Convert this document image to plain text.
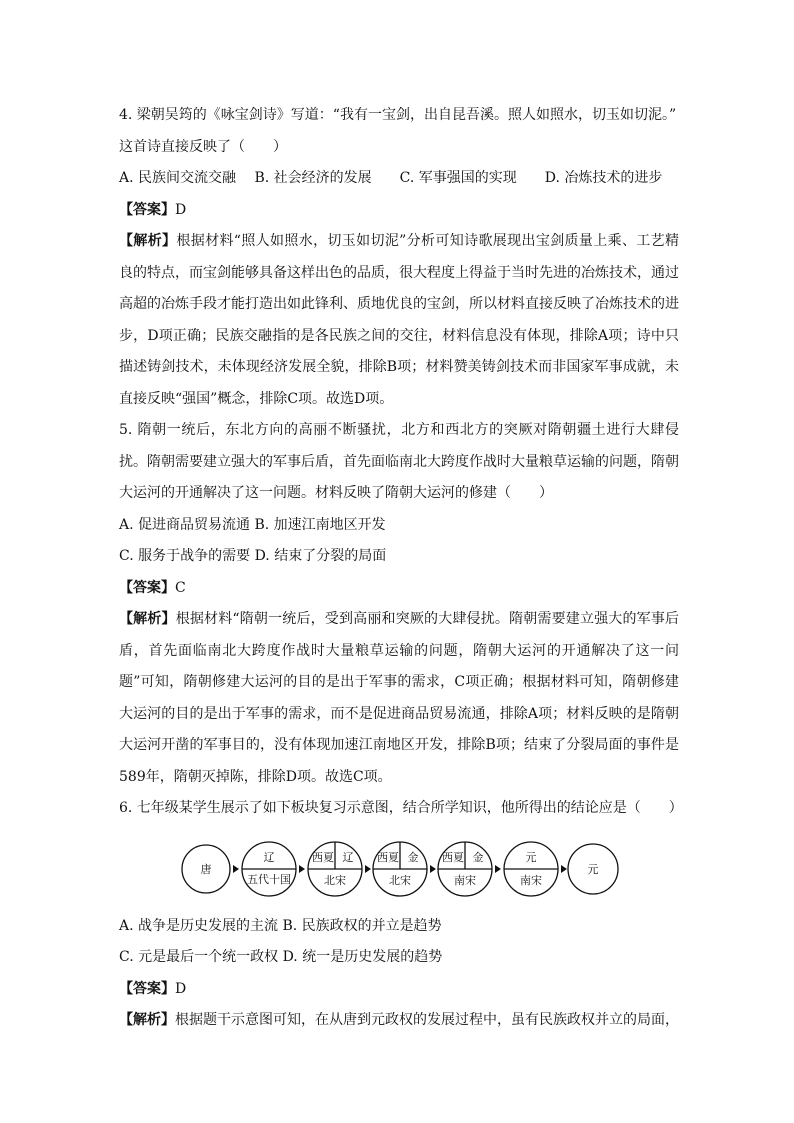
4. 梁朝吴筠的《咏宝剑诗》写道：“我有一宝剑，出自昆吾溪。照人如照水，切玉如切泥。”

这首诗直接反映了（　　）

A. 民族间交流交融　 B. 社会经济的发展　　C. 军事强国的实现　　D. 冶炼技术的进步

【答案】D

【解析】根据材料“照人如照水，切玉如切泥”分析可知诗歌展现出宝剑质量上乘、工艺精良的特点，而宝剑能够具备这样出色的品质，很大程度上得益于当时先进的冶炼技术，通过高超的冶炼手段才能打造出如此锋利、质地优良的宝剑，所以材料直接反映了冶炼技术的进步，D项正确；民族交融指的是各民族之间的交往，材料信息没有体现，排除A项；诗中只描述铸剑技术，未体现经济发展全貌，排除B项；材料赞美铸剑技术而非国家军事成就，未直接反映“强国”概念，排除C项。故选D项。

5. 隋朝一统后，东北方向的高丽不断骚扰，北方和西北方的突厥对隋朝疆土进行大肆侵扰。隋朝需要建立强大的军事后盾，首先面临南北大跨度作战时大量粮草运输的问题，隋朝大运河的开通解决了这一问题。材料反映了隋朝大运河的修建（　　）

A. 促进商品贸易流通 B. 加速江南地区开发

C. 服务于战争的需要 D. 结束了分裂的局面

【答案】C

【解析】根据材料“隋朝一统后，受到高丽和突厥的大肆侵扰。隋朝需要建立强大的军事后盾，首先面临南北大跨度作战时大量粮草运输的问题，隋朝大运河的开通解决了这一问题”可知，隋朝修建大运河的目的是出于军事的需求，C项正确；根据材料可知，隋朝修建大运河的目的是出于军事的需求，而不是促进商品贸易流通，排除A项；材料反映的是隋朝大运河开凿的军事目的，没有体现加速江南地区开发，排除B项；结束了分裂局面的事件是589年，隋朝灭掉陈，排除D项。故选C项。

6. 七年级某学生展示了如下板块复习示意图，结合所学知识，他所得出的结论应是（　　）

唐
辽
五代十国
西夏 辽
北宋
西夏 金
北宋
西夏 金
南宋
元
南宋
元

A. 战争是历史发展的主流 B. 民族政权的并立是趋势

C. 元是最后一个统一政权 D. 统一是历史发展的趋势

【答案】D

【解析】根据题干示意图可知，在从唐到元政权的发展过程中，虽有民族政权并立的局面，
